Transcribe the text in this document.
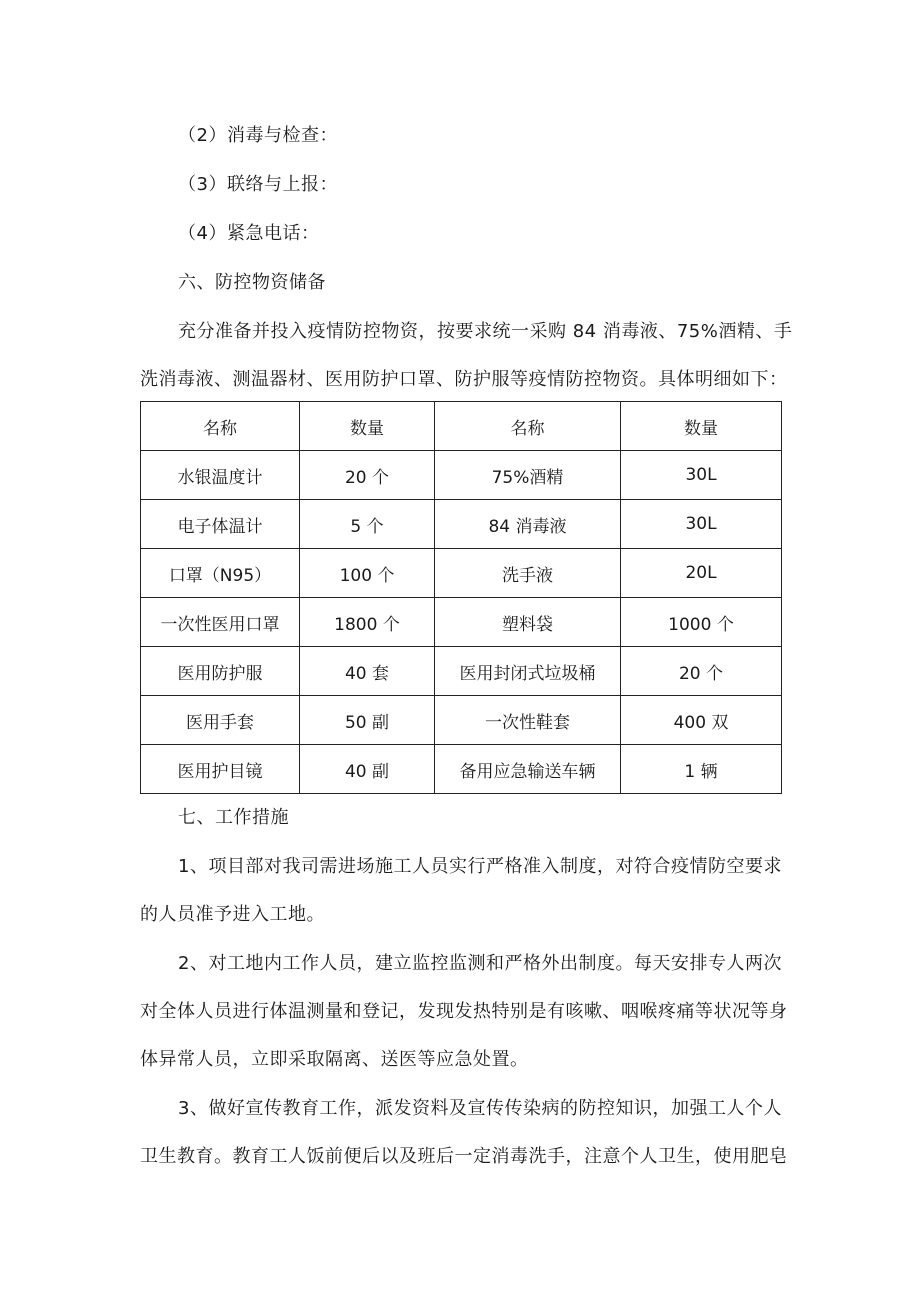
（2）消毒与检查：
（3）联络与上报：
（4）紧急电话：
六、防控物资储备
充分准备并投入疫情防控物资，按要求统一采购 84 消毒液、75%酒精、手
洗消毒液、测温器材、医用防护口罩、防护服等疫情防控物资。具体明细如下：
名称	数量	名称	数量
水银温度计	20 个	75%酒精	30L
电子体温计	5 个	84 消毒液	30L
口罩（N95）	100 个	洗手液	20L
一次性医用口罩	1800 个	塑料袋	1000 个
医用防护服	40 套	医用封闭式垃圾桶	20 个
医用手套	50 副	一次性鞋套	400 双
医用护目镜	40 副	备用应急输送车辆	1 辆
七、工作措施
1、项目部对我司需进场施工人员实行严格准入制度，对符合疫情防空要求
的人员准予进入工地。
2、对工地内工作人员，建立监控监测和严格外出制度。每天安排专人两次
对全体人员进行体温测量和登记，发现发热特别是有咳嗽、咽喉疼痛等状况等身
体异常人员，立即采取隔离、送医等应急处置。
3、做好宣传教育工作，派发资料及宣传传染病的防控知识，加强工人个人
卫生教育。教育工人饭前便后以及班后一定消毒洗手，注意个人卫生，使用肥皂
